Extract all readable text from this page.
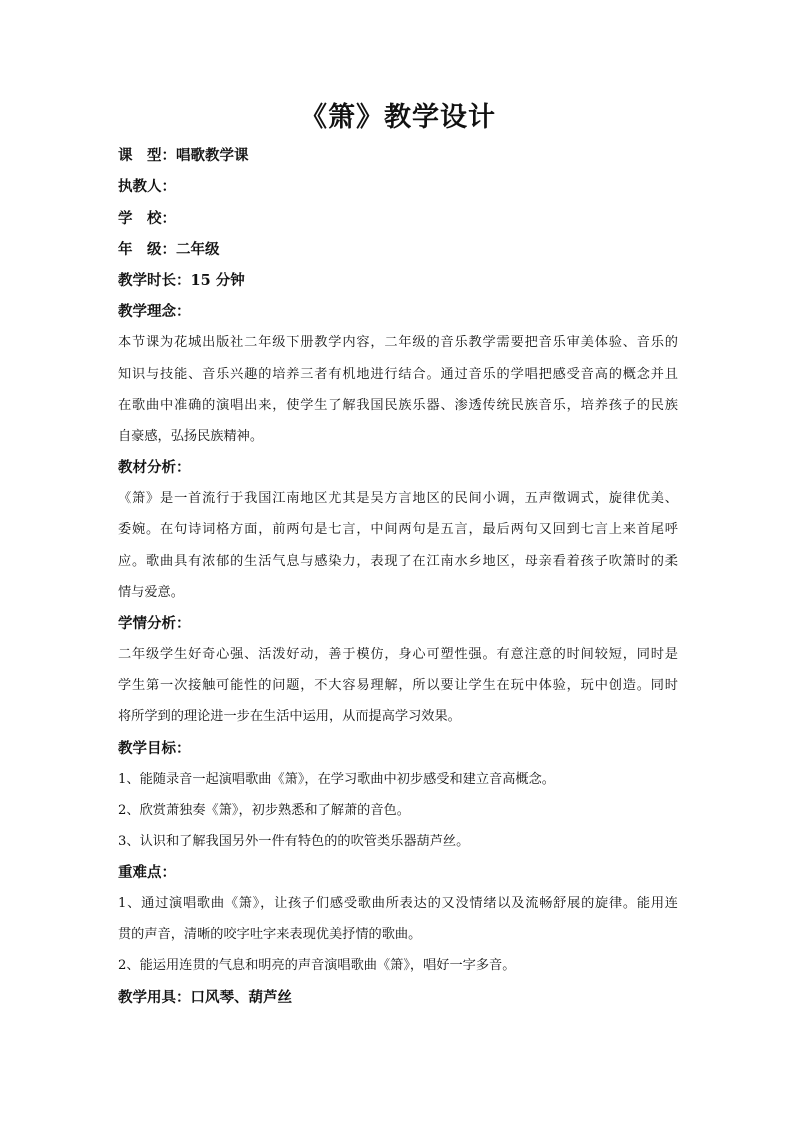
《箫》教学设计
课　型：唱歌教学课
执教人：
学　校：
年　级：二年级
教学时长：15 分钟
教学理念：
本节课为花城出版社二年级下册教学内容，二年级的音乐教学需要把音乐审美体验、音乐的
知识与技能、音乐兴趣的培养三者有机地进行结合。通过音乐的学唱把感受音高的概念并且
在歌曲中准确的演唱出来，使学生了解我国民族乐器、渗透传统民族音乐，培养孩子的民族
自豪感，弘扬民族精神。
教材分析：
《箫》是一首流行于我国江南地区尤其是吴方言地区的民间小调，五声徵调式，旋律优美、
委婉。在句诗词格方面，前两句是七言，中间两句是五言，最后两句又回到七言上来首尾呼
应。歌曲具有浓郁的生活气息与感染力，表现了在江南水乡地区，母亲看着孩子吹箫时的柔
情与爱意。
学情分析：
二年级学生好奇心强、活泼好动，善于模仿，身心可塑性强。有意注意的时间较短，同时是
学生第一次接触可能性的问题，不大容易理解，所以要让学生在玩中体验，玩中创造。同时
将所学到的理论进一步在生活中运用，从而提高学习效果。
教学目标：
1、能随录音一起演唱歌曲《箫》，在学习歌曲中初步感受和建立音高概念。
2、欣赏萧独奏《箫》，初步熟悉和了解萧的音色。
3、认识和了解我国另外一件有特色的的吹管类乐器葫芦丝。
重难点：
1、通过演唱歌曲《箫》，让孩子们感受歌曲所表达的又没情绪以及流畅舒展的旋律。能用连
贯的声音，清晰的咬字吐字来表现优美抒情的歌曲。
2、能运用连贯的气息和明亮的声音演唱歌曲《箫》，唱好一字多音。
教学用具：口风琴、葫芦丝
